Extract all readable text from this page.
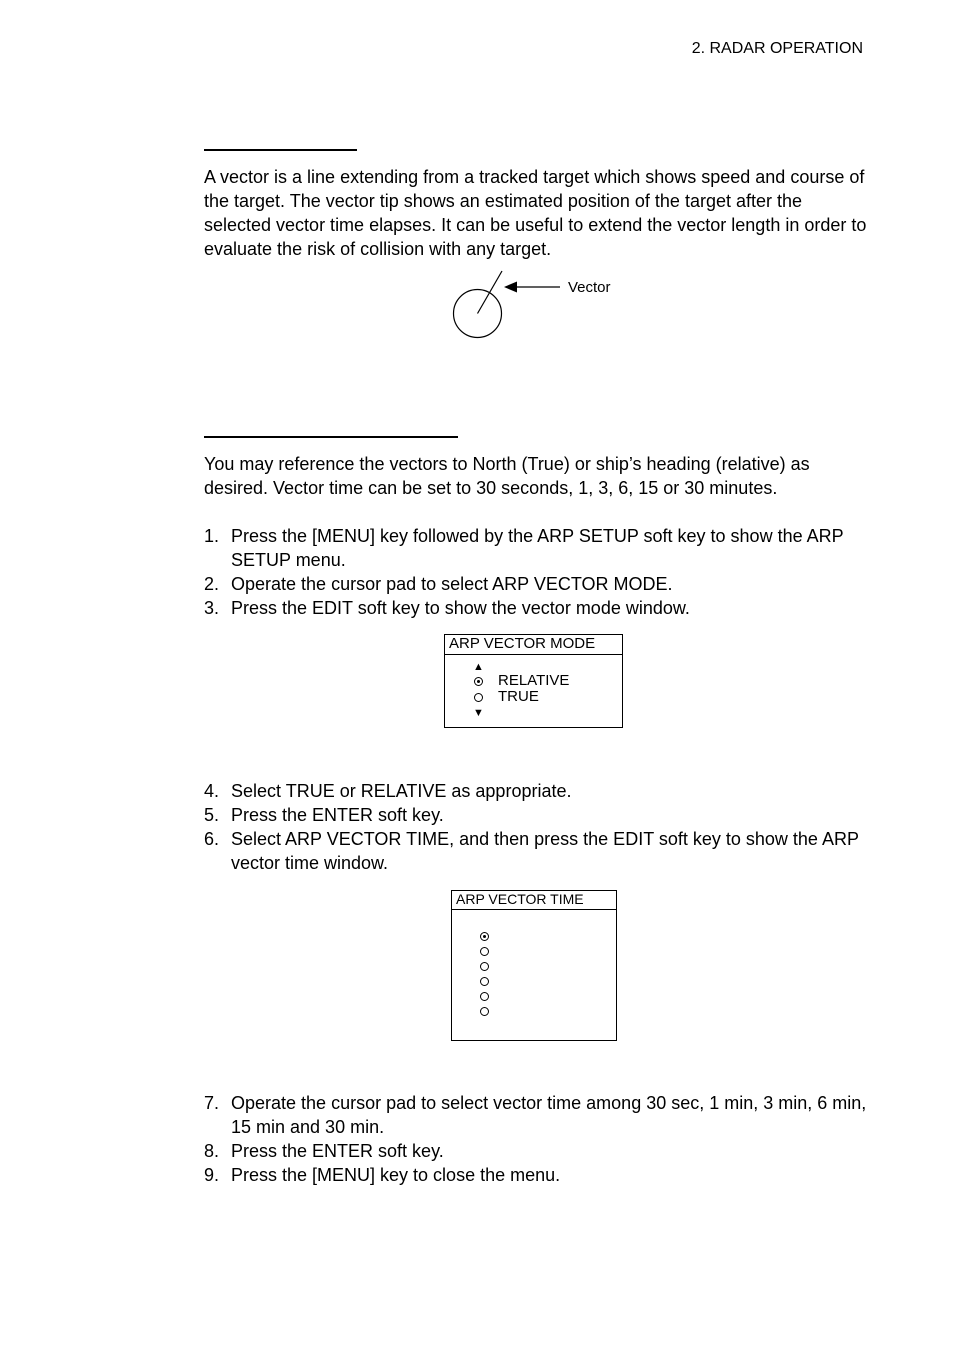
2. RADAR OPERATION

A vector is a line extending from a tracked target which shows speed and course of the target. The vector tip shows an estimated position of the target after the selected vector time elapses. It can be useful to extend the vector length in order to evaluate the risk of collision with any target.

Vector

You may reference the vectors to North (True) or ship’s heading (relative) as desired. Vector time can be set to 30 seconds, 1, 3, 6, 15 or 30 minutes.

1. Press the [MENU] key followed by the ARP SETUP soft key to show the ARP SETUP menu.
2. Operate the cursor pad to select ARP VECTOR MODE.
3. Press the EDIT soft key to show the vector mode window.
ARP VECTOR MODE
▲
RELATIVE
TRUE
▼
4. Select TRUE or RELATIVE as appropriate.
5. Press the ENTER soft key.
6. Select ARP VECTOR TIME, and then press the EDIT soft key to show the ARP vector time window.
ARP VECTOR TIME
7. Operate the cursor pad to select vector time among 30 sec, 1 min, 3 min, 6 min, 15 min and 30 min.
8. Press the ENTER soft key.
9. Press the [MENU] key to close the menu.
